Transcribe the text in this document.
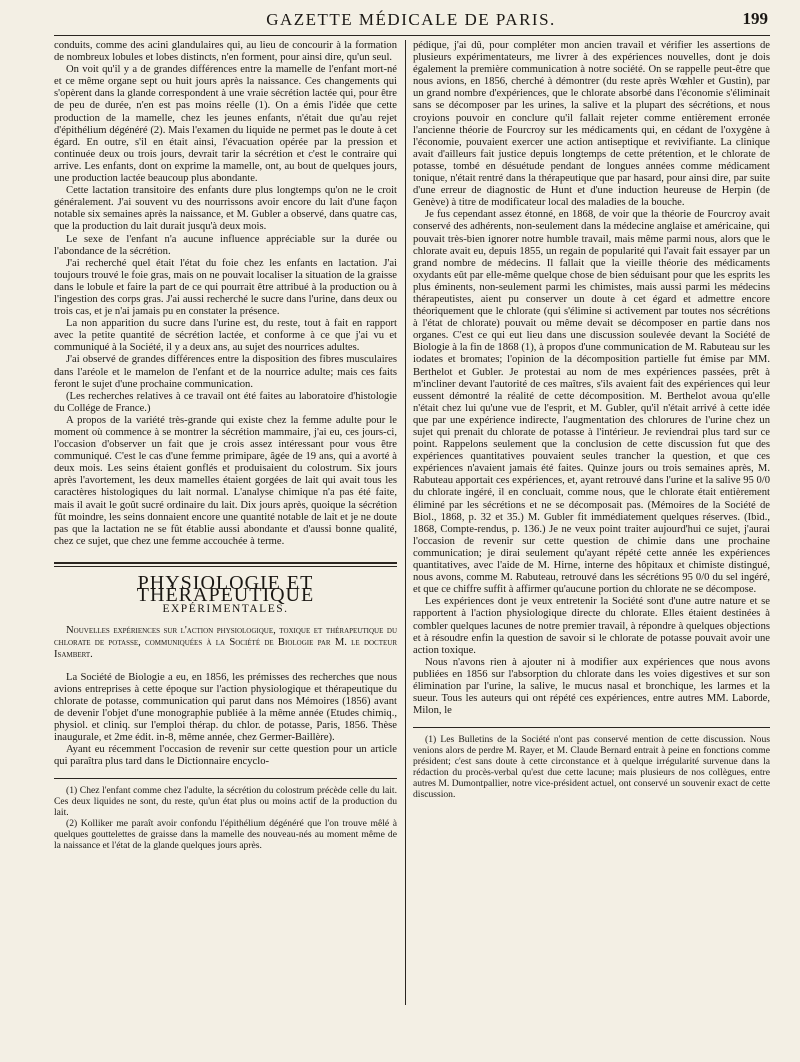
GAZETTE MÉDICALE DE PARIS.	199

conduits, comme des acini glandulaires qui, au lieu de concourir à la formation de nombreux lobules et lobes distincts, n'en forment, pour ainsi dire, qu'un seul.

On voit qu'il y a de grandes différences entre la mamelle de l'enfant mort-né et ce même organe sept ou huit jours après la naissance. Ces changements qui s'opèrent dans la glande correspondent à une vraie sécrétion lactée qui, pour être de peu de durée, n'en est pas moins réelle (1). On a émis l'idée que cette production de la mamelle, chez les jeunes enfants, n'était due qu'au rejet d'épithélium dégénéré (2). Mais l'examen du liquide ne permet pas le doute à cet égard. En outre, s'il en était ainsi, l'évacuation opérée par la pression et continuée deux ou trois jours, devrait tarir la sécrétion et c'est le contraire qui arrive. Les enfants, dont on exprime la mamelle, ont, au bout de quelques jours, une production lactée beaucoup plus abondante.

Cette lactation transitoire des enfants dure plus longtemps qu'on ne le croit généralement. J'ai souvent vu des nourrissons avoir encore du lait d'une façon notable six semaines après la naissance, et M. Gubler a observé, dans quatre cas, que la production du lait durait jusqu'à deux mois.

Le sexe de l'enfant n'a aucune influence appréciable sur la durée ou l'abondance de la sécrétion.

J'ai recherché quel était l'état du foie chez les enfants en lactation. J'ai toujours trouvé le foie gras, mais on ne pouvait localiser la situation de la graisse dans le lobule et faire la part de ce qui pourrait être attribué à la production ou à l'ingestion des corps gras. J'ai aussi recherché le sucre dans l'urine, dans deux ou trois cas, et je n'ai jamais pu en constater la présence.

La non apparition du sucre dans l'urine est, du reste, tout à fait en rapport avec la petite quantité de sécrétion lactée, et conforme à ce que j'ai vu et communiqué à la Société, il y a deux ans, au sujet des nourrices adultes.

J'ai observé de grandes différences entre la disposition des fibres musculaires dans l'aréole et le mamelon de l'enfant et de la nourrice adulte; mais ces faits feront le sujet d'une prochaine communication.

(Les recherches relatives à ce travail ont été faites au laboratoire d'histologie du Collége de France.)

A propos de la variété très-grande qui existe chez la femme adulte pour le moment où commence à se montrer la sécrétion mammaire, j'ai eu, ces jours-ci, l'occasion d'observer un fait que je crois assez intéressant pour vous être communiqué. C'est le cas d'une femme primipare, âgée de 19 ans, qui a avorté à deux mois. Les seins étaient gonflés et produisaient du colostrum. Six jours après l'avortement, les deux mamelles étaient gorgées de lait qui avait tous les caractères histologiques du lait normal. L'analyse chimique n'a pas été faite, mais il avait le goût sucré ordinaire du lait. Dix jours après, quoique la sécrétion fût moindre, les seins donnaient encore une quantité notable de lait et je ne doute pas que la lactation ne se fût établie aussi abondante et d'aussi bonne qualité, chez ce sujet, que chez une femme accouchée à terme.

PHYSIOLOGIE ET THÉRAPEUTIQUE
EXPÉRIMENTALES.
Nouvelles expériences sur l'action physiologique, toxique et thérapeutique du chlorate de potasse, communiquées à la Société de Biologie par M. le docteur Isambert.

La Société de Biologie a eu, en 1856, les prémisses des recherches que nous avions entreprises à cette époque sur l'action physiologique et thérapeutique du chlorate de potasse, communication qui parut dans nos Mémoires (1856) avant de devenir l'objet d'une monographie publiée à la même année (Etudes chimiq., physiol. et cliniq. sur l'emploi thérap. du chlor. de potasse, Paris, 1856. Thèse inaugurale, et 2me édit. in-8, même année, chez Germer-Baillère).

Ayant eu récemment l'occasion de revenir sur cette question pour un article qui paraîtra plus tard dans le Dictionnaire encyclo-

(1) Chez l'enfant comme chez l'adulte, la sécrétion du colostrum précède celle du lait. Ces deux liquides ne sont, du reste, qu'un état plus ou moins actif de la production du lait.

(2) Kolliker me paraît avoir confondu l'épithélium dégénéré que l'on trouve mêlé à quelques gouttelettes de graisse dans la mamelle des nouveau-nés au moment même de la naissance et l'état de la glande quelques jours après.

pédique, j'ai dû, pour compléter mon ancien travail et vérifier les assertions de plusieurs expérimentateurs, me livrer à des expériences nouvelles, dont je dois également la première communication à notre société. On se rappelle peut-être que nous avions, en 1856, cherché à démontrer (du reste après Wœhler et Gustin), par un grand nombre d'expériences, que le chlorate absorbé dans l'économie s'éliminait sans se décomposer par les urines, la salive et la plupart des sécrétions, et nous croyions pouvoir en conclure qu'il fallait rejeter comme entièrement erronée l'ancienne théorie de Fourcroy sur les médicaments qui, en cédant de l'oxygène à l'économie, pouvaient exercer une action antiseptique et revivifiante. La clinique avait d'ailleurs fait justice depuis longtemps de cette prétention, et le chlorate de potasse, tombé en désuétude pendant de longues années comme médicament tonique, n'était rentré dans la thérapeutique que par hasard, pour ainsi dire, par suite d'une erreur de diagnostic de Hunt et d'une induction heureuse de Herpin (de Genève) à titre de modificateur local des maladies de la bouche.

Je fus cependant assez étonné, en 1868, de voir que la théorie de Fourcroy avait conservé des adhérents, non-seulement dans la médecine anglaise et américaine, qui pouvait très-bien ignorer notre humble travail, mais même parmi nous, alors que le chlorate avait eu, depuis 1855, un regain de popularité qui l'avait fait essayer par un grand nombre de médecins. Il fallait que la vieille théorie des médicaments oxydants eût par elle-même quelque chose de bien séduisant pour que les esprits les plus éminents, non-seulement parmi les chimistes, mais aussi parmi les médecins thérapeutistes, aient pu conserver un doute à cet égard et admettre encore théoriquement que le chlorate (qui s'élimine si activement par toutes nos sécrétions à l'état de chlorate) pouvait ou même devait se décomposer en partie dans nos organes. C'est ce qui eut lieu dans une discussion soulevée devant la Société de Biologie à la fin de 1868 (1), à propos d'une communication de M. Rabuteau sur les iodates et bromates; l'opinion de la décomposition partielle fut émise par MM. Berthelot et Gubler. Je protestai au nom de mes expériences passées, prêt à m'incliner devant l'autorité de ces maîtres, s'ils avaient fait des expériences qui leur eussent démontré la réalité de cette décomposition. M. Berthelot avoua qu'elle n'était chez lui qu'une vue de l'esprit, et M. Gubler, qu'il n'était arrivé à cette idée que par une expérience indirecte, l'augmentation des chlorures de l'urine chez un sujet qui prenait du chlorate de potasse à l'intérieur. Je reviendrai plus tard sur ce point. Rappelons seulement que la conclusion de cette discussion fut que des expériences quantitatives pouvaient seules trancher la question, et que ces expériences n'avaient jamais été faites. Quinze jours ou trois semaines après, M. Rabuteau apportait ces expériences, et, ayant retrouvé dans l'urine et la salive 95 0/0 du chlorate ingéré, il en concluait, comme nous, que le chlorate était entièrement éliminé par les sécrétions et ne se décomposait pas. (Mémoires de la Société de Biol., 1868, p. 32 et 35.) M. Gubler fit immédiatement quelques réserves. (Ibid., 1868, Compte-rendus, p. 136.) Je ne veux point traiter aujourd'hui ce sujet, j'aurai l'occasion de revenir sur cette question de chimie dans une prochaine communication; je dirai seulement qu'ayant répété cette année les expériences quantitatives, avec l'aide de M. Hirne, interne des hôpitaux et chimiste distingué, nous avons, comme M. Rabuteau, retrouvé dans les sécrétions 95 0/0 du sel ingéré, et que ce chiffre suffit à affirmer qu'aucune portion du chlorate ne se décompose.

Les expériences dont je veux entretenir la Société sont d'une autre nature et se rapportent à l'action physiologique directe du chlorate. Elles étaient destinées à combler quelques lacunes de notre premier travail, à répondre à quelques objections et à résoudre enfin la question de savoir si le chlorate de potasse pouvait avoir une action toxique.

Nous n'avons rien à ajouter ni à modifier aux expériences que nous avons publiées en 1856 sur l'absorption du chlorate dans les voies digestives et sur son élimination par l'urine, la salive, le mucus nasal et bronchique, les larmes et la sueur. Tous les auteurs qui ont répété ces expériences, entre autres MM. Laborde, Milon, le

(1) Les Bulletins de la Société n'ont pas conservé mention de cette discussion. Nous venions alors de perdre M. Rayer, et M. Claude Bernard entrait à peine en fonctions comme président; c'est sans doute à cette circonstance et à quelque irrégularité survenue dans la rédaction du procès-verbal qu'est due cette lacune; mais plusieurs de nos collègues, entre autres M. Dumontpallier, notre vice-président actuel, ont conservé un souvenir exact de cette discussion.
